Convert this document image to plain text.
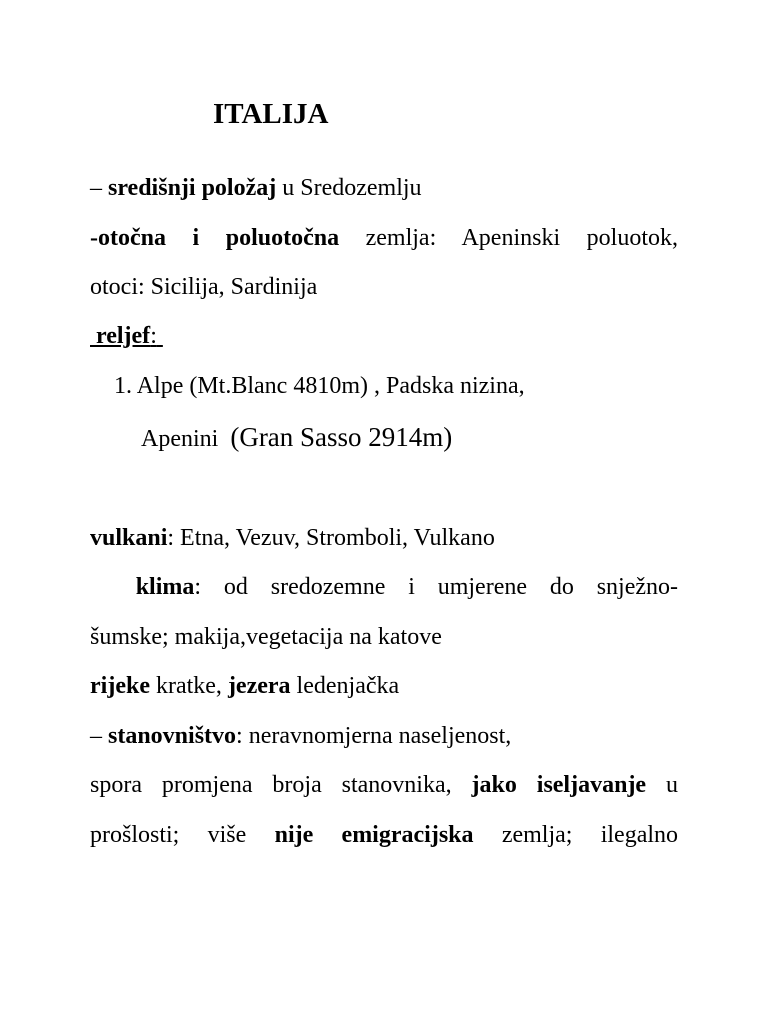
ITALIJA
– središnji položaj u Sredozemlju
-otočna i poluotočna zemlja: Apeninski poluotok,
otoci: Sicilija, Sardinija
reljef:
1. Alpe (Mt.Blanc 4810m) , Padska nizina,
Apenini (Gran Sasso 2914m)
vulkani: Etna, Vezuv, Stromboli, Vulkano
klima: od sredozemne i umjerene do snježno-
šumske; makija,vegetacija na katove
rijeke kratke, jezera ledenjačka
– stanovništvo: neravnomjerna naseljenost,
spora promjena broja stanovnika, jako iseljavanje u
prošlosti; više nije emigracijska zemlja; ilegalno
